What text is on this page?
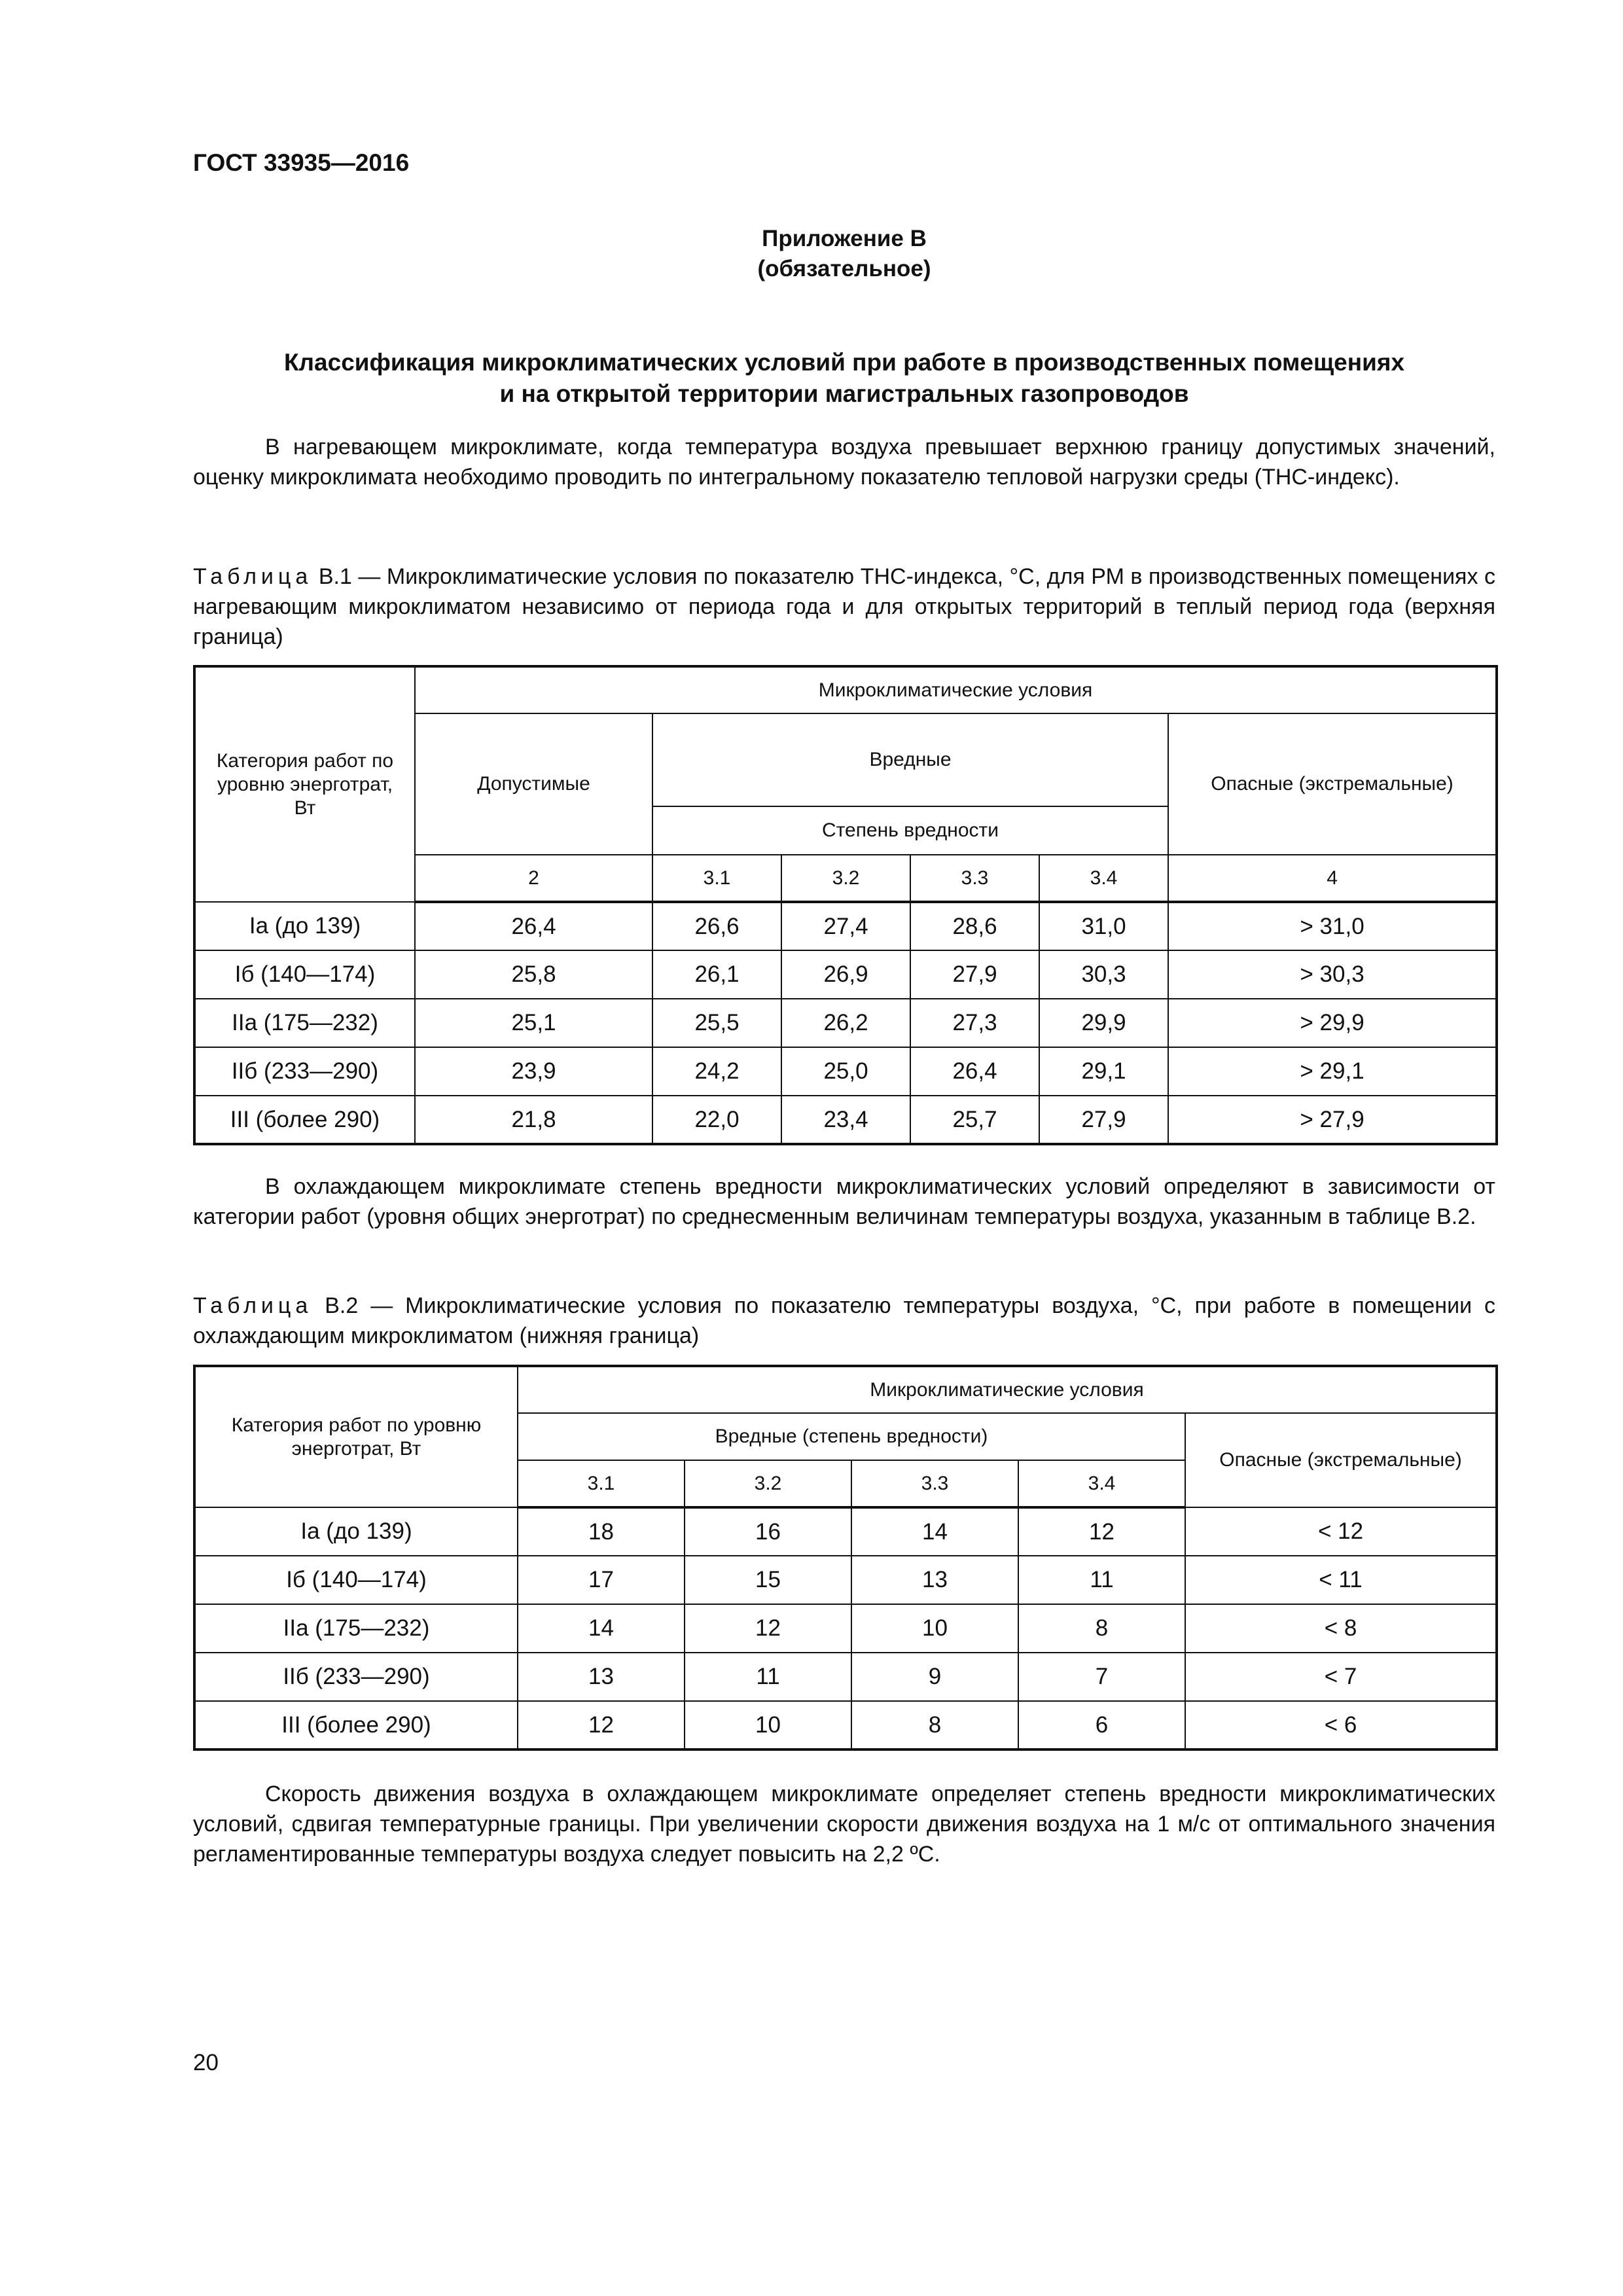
ГОСТ 33935—2016
Приложение В
(обязательное)
Классификация микроклиматических условий при работе в производственных помещениях
и на открытой территории магистральных газопроводов

В нагревающем микроклимате, когда температура воздуха превышает верхнюю границу допустимых значений, оценку микроклимата необходимо проводить по интегральному показателю тепловой нагрузки среды (ТНС-индекс).

Таблица В.1 — Микроклиматические условия по показателю ТНС-индекса, °С, для РМ в производственных помещениях с нагревающим микроклиматом независимо от периода года и для открытых территорий в теплый период года (верхняя граница)

Категория работ по уровню энерготрат, Вт	Микроклиматические условия					
	Допустимые	Вредные				Опасные (экстремальные)
		Степень вредности				
	2	3.1	3.2	3.3	3.4	4
Iа (до 139)	26,4	26,6	27,4	28,6	31,0	> 31,0
Iб (140—174)	25,8	26,1	26,9	27,9	30,3	> 30,3
IIа (175—232)	25,1	25,5	26,2	27,3	29,9	> 29,9
IIб (233—290)	23,9	24,2	25,0	26,4	29,1	> 29,1
III (более 290)	21,8	22,0	23,4	25,7	27,9	> 27,9

В охлаждающем микроклимате степень вредности микроклиматических условий определяют в зависимости от категории работ (уровня общих энерготрат) по среднесменным величинам температуры воздуха, указанным в таблице В.2.

Таблица В.2 — Микроклиматические условия по показателю температуры воздуха, °С, при работе в помещении с охлаждающим микроклиматом (нижняя граница)

Категория работ по уровню энерготрат, Вт	Микроклиматические условия				
	Вредные (степень вредности)				Опасные (экстремальные)
	3.1	3.2	3.3	3.4	
Iа (до 139)	18	16	14	12	< 12
Iб (140—174)	17	15	13	11	< 11
IIа (175—232)	14	12	10	8	< 8
IIб (233—290)	13	11	9	7	< 7
III (более 290)	12	10	8	6	< 6

Скорость движения воздуха в охлаждающем микроклимате определяет степень вредности микроклиматических условий, сдвигая температурные границы. При увеличении скорости движения воздуха на 1 м/с от оптимального значения регламентированные температуры воздуха следует повысить на 2,2 ºС.

20
